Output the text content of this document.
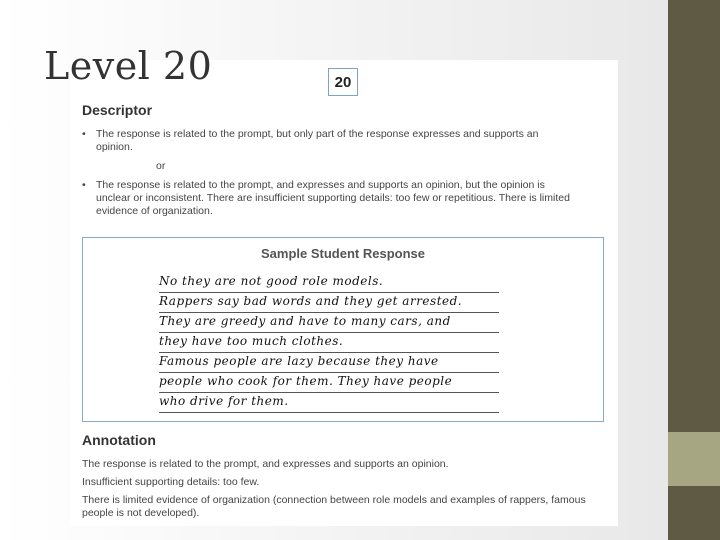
Level 20	20
Descriptor
• The response is related to the prompt, but only part of the response expresses and supports an opinion.
or
• The response is related to the prompt, and expresses and supports an opinion, but the opinion is unclear or inconsistent. There are insufficient supporting details: too few or repetitious. There is limited evidence of organization.
Sample Student Response
No they are not good role models.
Rappers say bad words and they get arrested.
They are greedy and have to many cars, and
they have too much clothes.
Famous people are lazy because they have
people who cook for them. They have people
who drive for them.
Annotation
The response is related to the prompt, and expresses and supports an opinion.
Insufficient supporting details: too few.
There is limited evidence of organization (connection between role models and examples of rappers, famous people is not developed).
